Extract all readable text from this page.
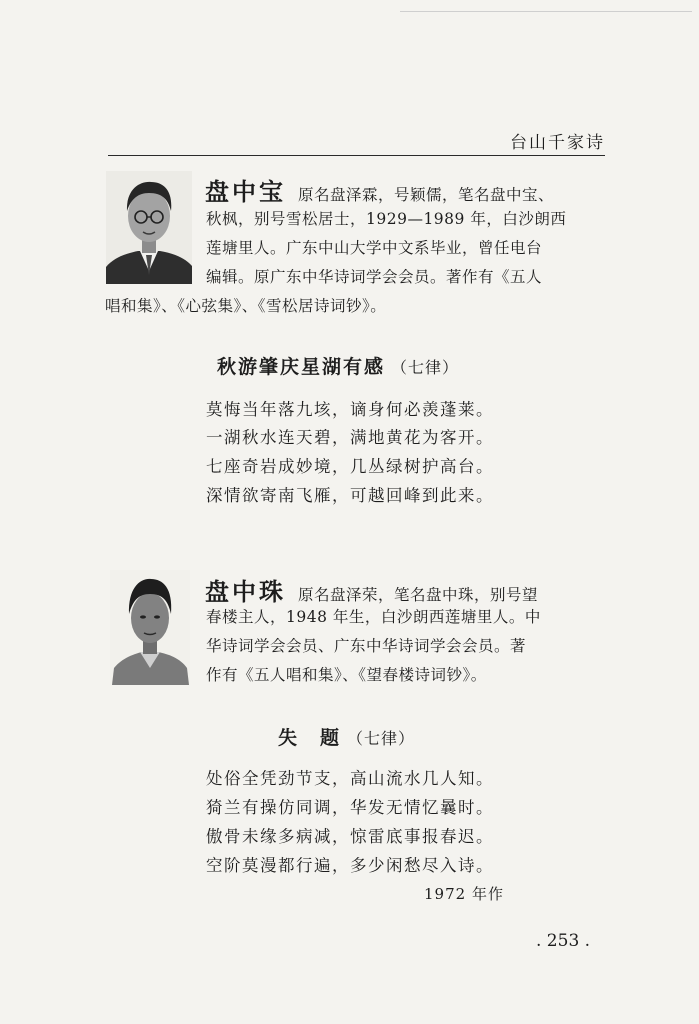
台山千家诗
盘中宝 原名盘泽霖，号颖儒，笔名盘中宝、
秋枫，别号雪松居士，1929—1989 年，白沙朗西
莲塘里人。广东中山大学中文系毕业，曾任电台
编辑。原广东中华诗词学会会员。著作有《五人
唱和集》、《心弦集》、《雪松居诗词钞》。
秋游肇庆星湖有感 （七律）
莫悔当年落九垓，谪身何必羡蓬莱。
一湖秋水连天碧，满地黄花为客开。
七座奇岩成妙境，几丛绿树护高台。
深情欲寄南飞雁，可越回峰到此来。
盘中珠 原名盘泽荣，笔名盘中珠，别号望
春楼主人，1948 年生，白沙朗西莲塘里人。中
华诗词学会会员、广东中华诗词学会会员。著
作有《五人唱和集》、《望春楼诗词钞》。
失　题 （七律）
处俗全凭劲节支，高山流水几人知。
猗兰有操仿同调，华发无情忆曩时。
傲骨未缘多病减，惊雷底事报春迟。
空阶莫漫都行遍，多少闲愁尽入诗。
1972 年作
. 253 .
